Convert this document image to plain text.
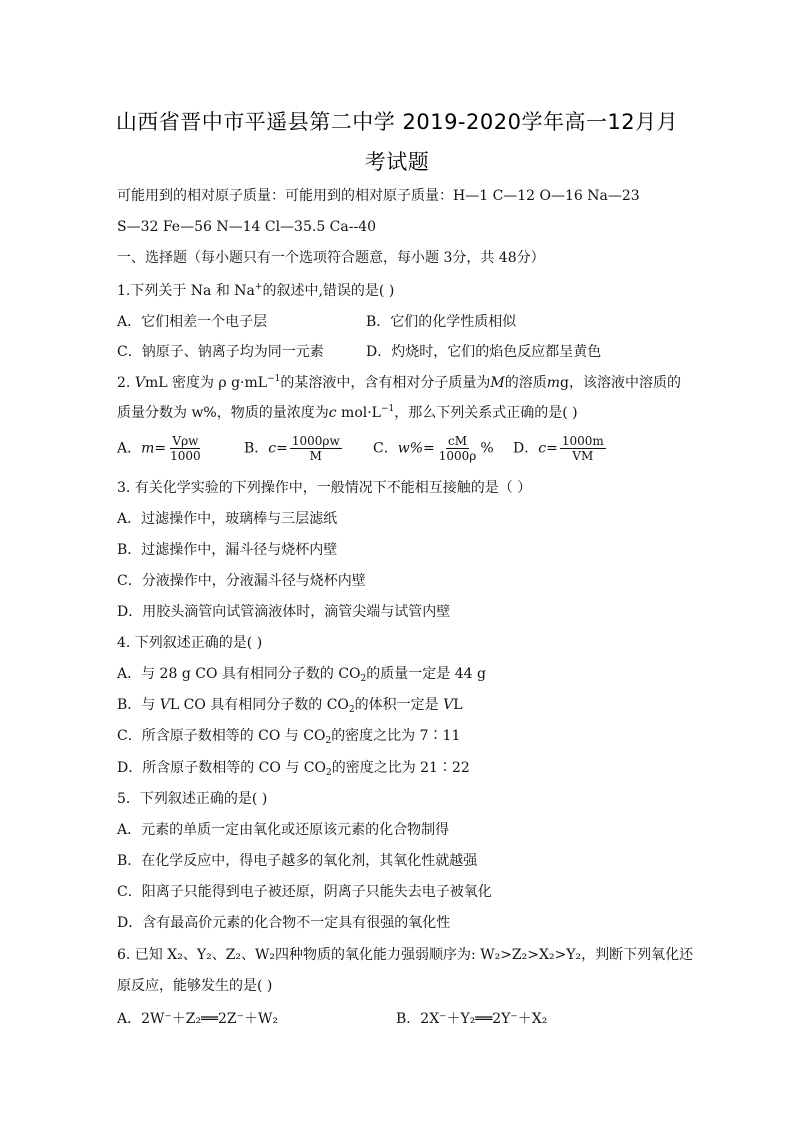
山西省晋中市平遥县第二中学 2019-2020学年高一12月月
考试题
可能用到的相对原子质量：可能用到的相对原子质量：H—1 C—12 O—16 Na—23
S—32 Fe—56 N—14 Cl—35.5 Ca--40
一、选择题（每小题只有一个选项符合题意，每小题 3分，共 48分）
1.下列关于 Na 和 Na+的叙述中,错误的是( )
A．它们相差一个电子层	B．它们的化学性质相似
C．钠原子、钠离子均为同一元素	D．灼烧时，它们的焰色反应都呈黄色
2. VmL 密度为 ρ $g\cdot mL^{-1}$的某溶液中，含有相对分子质量为M的溶质mg，该溶液中溶质的
质量分数为 w%，物质的量浓度为c $mol\cdot L^{-1}$，那么下列关系式正确的是( )
A．$m= \frac{\text{Vρw}}{1000}$	B．$c= \frac{1000\rho w}{M}$ C．$w\%= \frac{cM}{1000\rho}$ % D．$c= \frac{1000m}{VM}$
3. 有关化学实验的下列操作中，一般情况下不能相互接触的是（ ）
A．过滤操作中，玻璃棒与三层滤纸
B．过滤操作中，漏斗径与烧杯内壁
C．分液操作中，分液漏斗径与烧杯内壁
D．用胶头滴管向试管滴液体时，滴管尖端与试管内壁
4. 下列叙述正确的是( )
A．与 28 g CO 具有相同分子数的 $CO_2$的质量一定是 44 g
B．与 VL CO 具有相同分子数的 $CO_2$的体积一定是 VL
C．所含原子数相等的 CO 与 $CO_2$的密度之比为 7∶11
D．所含原子数相等的 CO 与 $CO_2$的密度之比为 21∶22
5．下列叙述正确的是( )
A．元素的单质一定由氧化或还原该元素的化合物制得
B．在化学反应中，得电子越多的氧化剂，其氧化性就越强
C．阳离子只能得到电子被还原，阴离子只能失去电子被氧化
D．含有最高价元素的化合物不一定具有很强的氧化性
6. 已知 X₂、Y₂、Z₂、W₂四种物质的氧化能力强弱顺序为: W₂>Z₂>X₂>Y₂，判断下列氧化还
原反应，能够发生的是( )
A．2W⁻＋Z₂══2Z⁻＋W₂	B．2X⁻＋Y₂══2Y⁻＋X₂
